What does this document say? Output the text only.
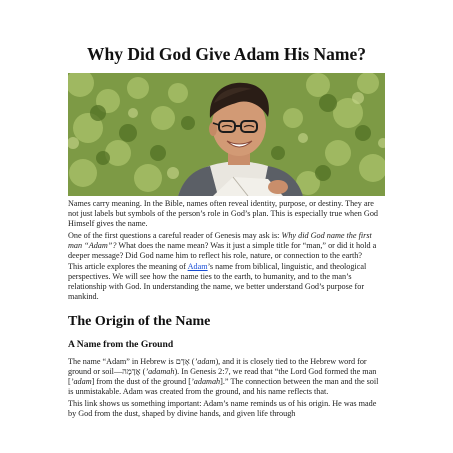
Why Did God Give Adam His Name?

Names carry meaning. In the Bible, names often reveal identity, purpose, or destiny. They are not just labels but symbols of the person’s role in God’s plan. This is especially true when God Himself gives the name.

One of the first questions a careful reader of Genesis may ask is: Why did God name the first man “Adam”? What does the name mean? Was it just a simple title for “man,” or did it hold a deeper message? Did God name him to reflect his role, nature, or connection to the earth?

This article explores the meaning of Adam’s name from biblical, linguistic, and theological perspectives. We will see how the name ties to the earth, to humanity, and to the man’s relationship with God. In understanding the name, we better understand God’s purpose for mankind.

The Origin of the Name
A Name from the Ground

The name “Adam” in Hebrew is אָדָם (’adam), and it is closely tied to the Hebrew word for ground or soil—אֲדָמָה (’adamah). In Genesis 2:7, we read that “the Lord God formed the man [’adam] from the dust of the ground [’adamah].” The connection between the man and the soil is unmistakable. Adam was created from the ground, and his name reflects that.

This link shows us something important: Adam’s name reminds us of his origin. He was made by God from the dust, shaped by divine hands, and given life through
